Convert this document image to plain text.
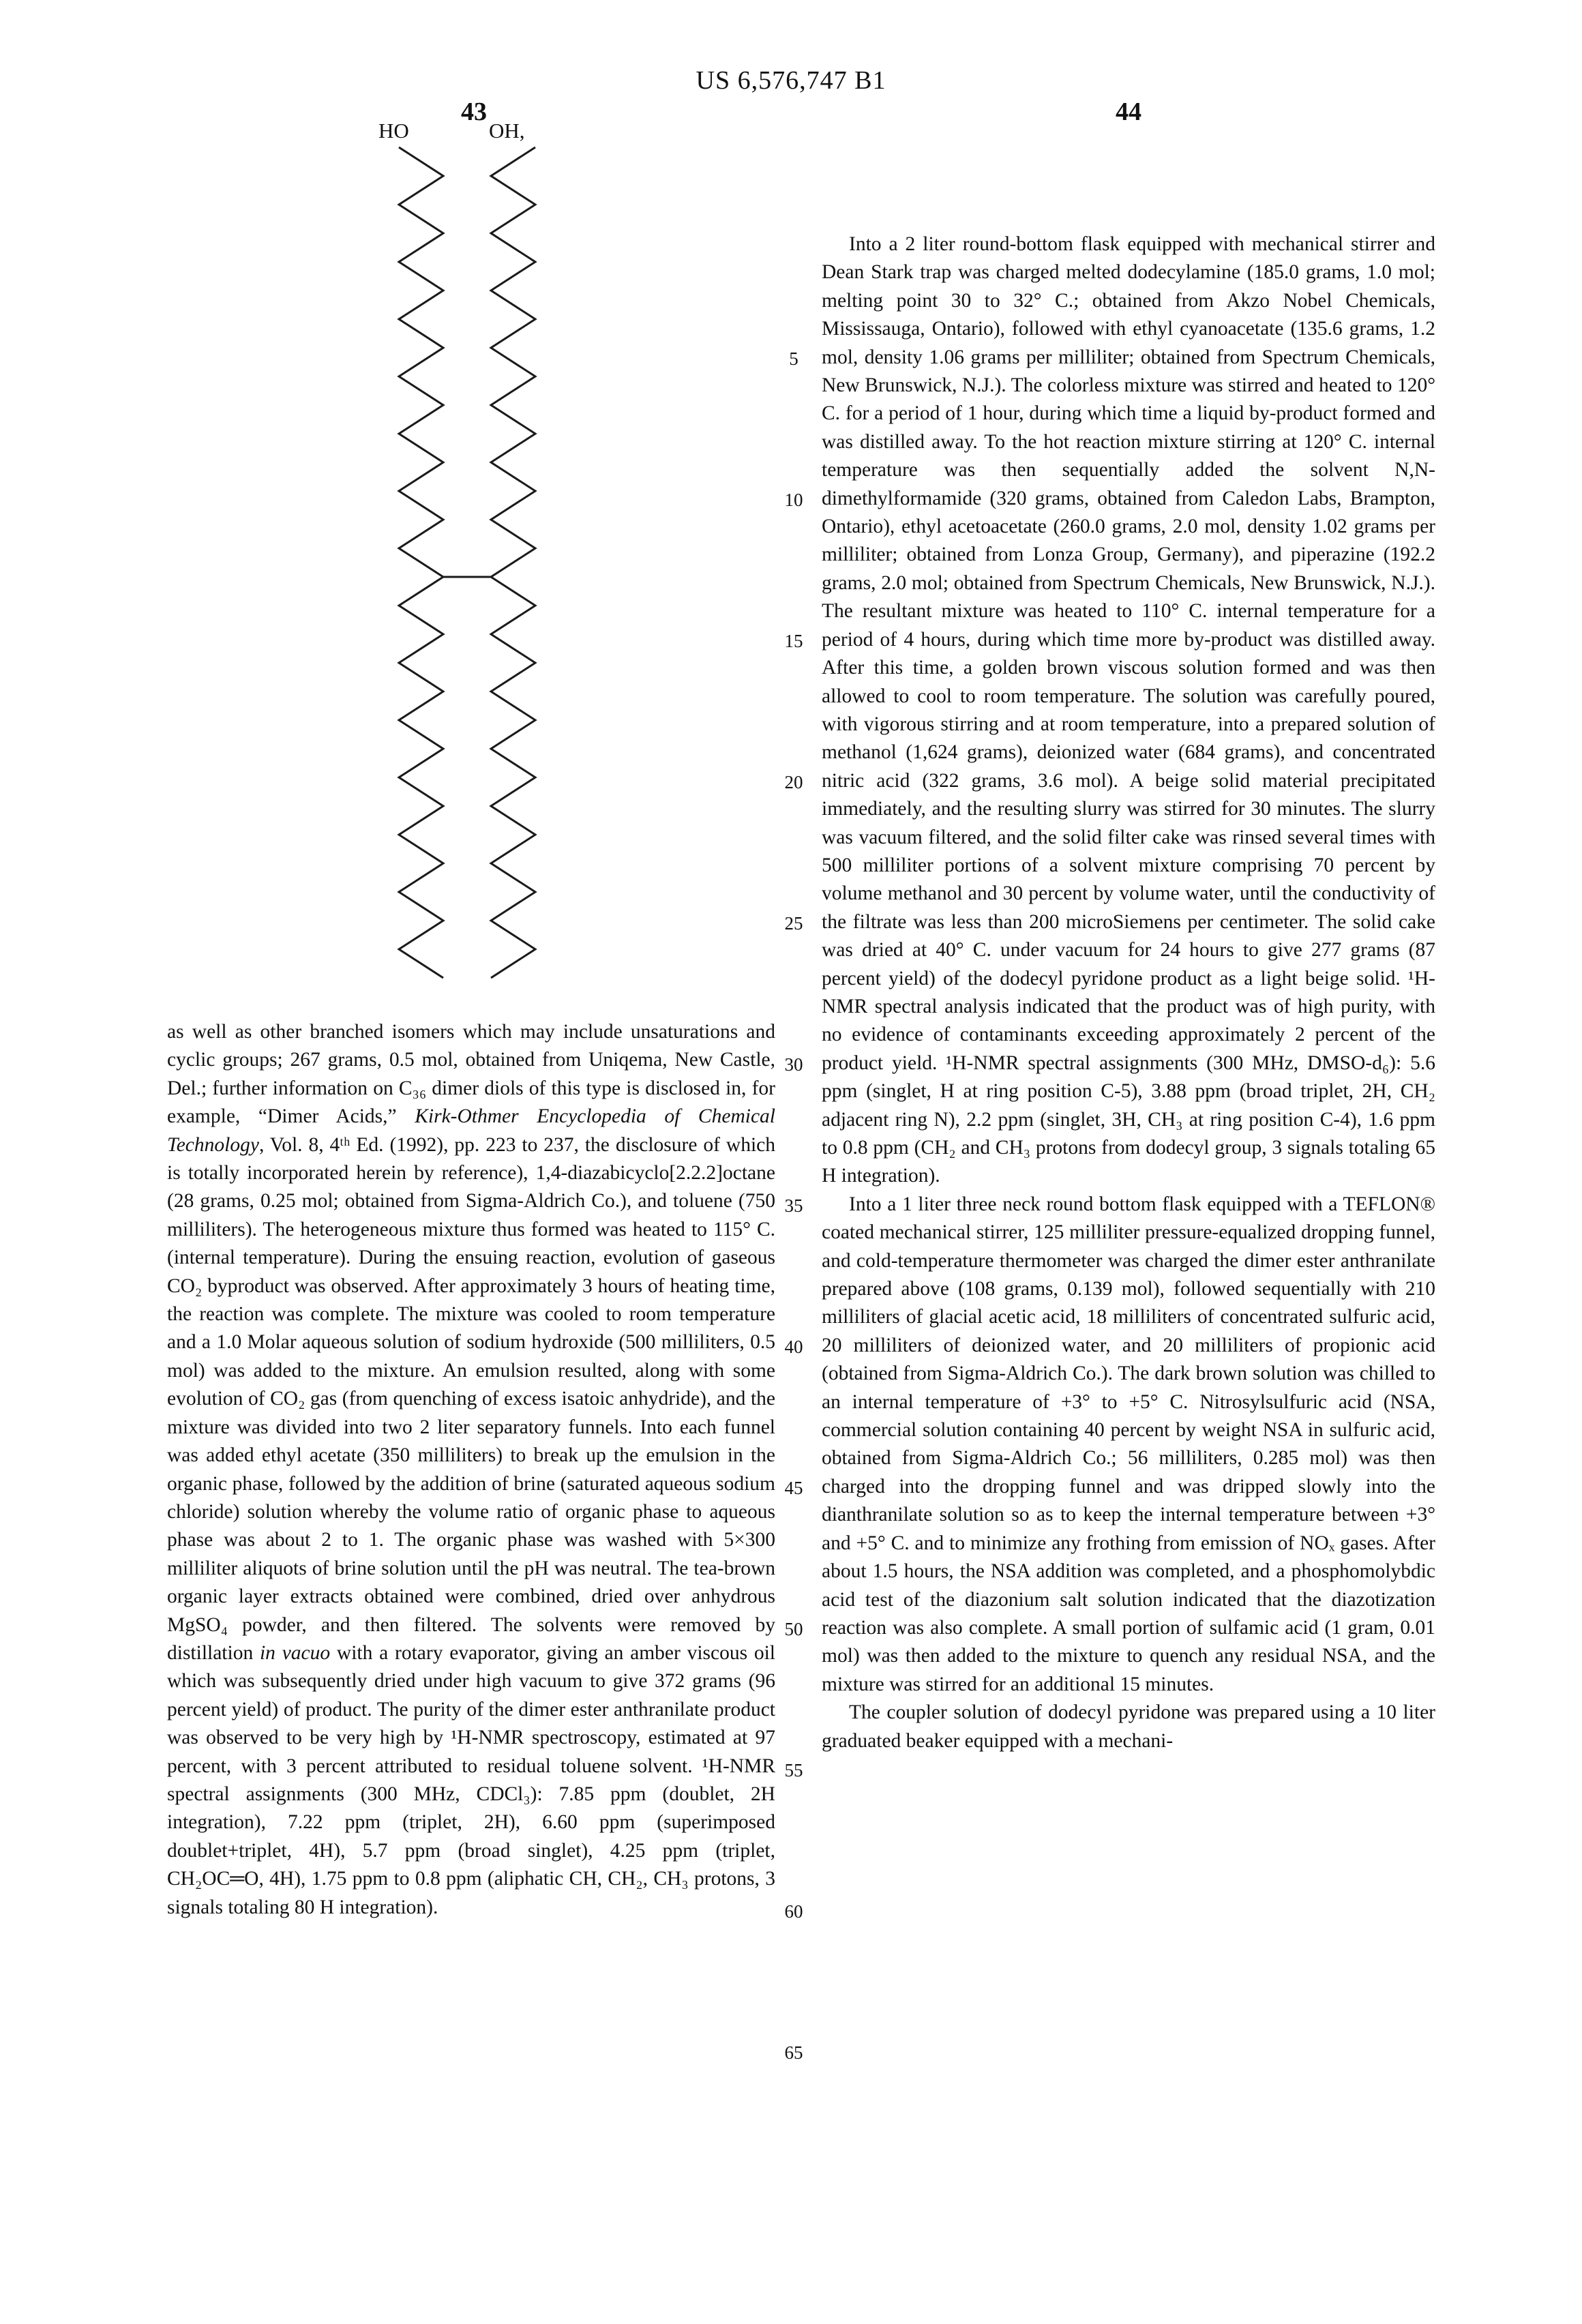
US 6,576,747 B1
43	44
HO	OH,

as well as other branched isomers which may include unsaturations and cyclic groups; 267 grams, 0.5 mol, obtained from Uniqema, New Castle, Del.; further information on C₃₆ dimer diols of this type is disclosed in, for example, “Dimer Acids,” Kirk-Othmer Encyclopedia of Chemical Technology, Vol. 8, 4ᵗʰ Ed. (1992), pp. 223 to 237, the disclosure of which is totally incorporated herein by reference), 1,4-diazabicyclo[2.2.2]octane (28 grams, 0.25 mol; obtained from Sigma-Aldrich Co.), and toluene (750 milliliters). The heterogeneous mixture thus formed was heated to 115° C. (internal temperature). During the ensuing reaction, evolution of gaseous CO₂ byproduct was observed. After approximately 3 hours of heating time, the reaction was complete. The mixture was cooled to room temperature and a 1.0 Molar aqueous solution of sodium hydroxide (500 milliliters, 0.5 mol) was added to the mixture. An emulsion resulted, along with some evolution of CO₂ gas (from quenching of excess isatoic anhydride), and the mixture was divided into two 2 liter separatory funnels. Into each funnel was added ethyl acetate (350 milliliters) to break up the emulsion in the organic phase, followed by the addition of brine (saturated aqueous sodium chloride) solution whereby the volume ratio of organic phase to aqueous phase was about 2 to 1. The organic phase was washed with 5×300 milliliter aliquots of brine solution until the pH was neutral. The tea-brown organic layer extracts obtained were combined, dried over anhydrous MgSO₄ powder, and then filtered. The solvents were removed by distillation in vacuo with a rotary evaporator, giving an amber viscous oil which was subsequently dried under high vacuum to give 372 grams (96 percent yield) of product. The purity of the dimer ester anthranilate product was observed to be very high by ¹H-NMR spectroscopy, estimated at 97 percent, with 3 percent attributed to residual toluene solvent. ¹H-NMR spectral assignments (300 MHz, CDCl₃): 7.85 ppm (doublet, 2H integration), 7.22 ppm (triplet, 2H), 6.60 ppm (superimposed doublet+triplet, 4H), 5.7 ppm (broad singlet), 4.25 ppm (triplet, CH₂OC═O, 4H), 1.75 ppm to 0.8 ppm (aliphatic CH, CH₂, CH₃ protons, 3 signals totaling 80 H integration).

Into a 2 liter round-bottom flask equipped with mechanical stirrer and Dean Stark trap was charged melted dodecylamine (185.0 grams, 1.0 mol; melting point 30 to 32° C.; obtained from Akzo Nobel Chemicals, Mississauga, Ontario), followed with ethyl cyanoacetate (135.6 grams, 1.2 mol, density 1.06 grams per milliliter; obtained from Spectrum Chemicals, New Brunswick, N.J.). The colorless mixture was stirred and heated to 120° C. for a period of 1 hour, during which time a liquid by-product formed and was distilled away. To the hot reaction mixture stirring at 120° C. internal temperature was then sequentially added the solvent N,N-dimethylformamide (320 grams, obtained from Caledon Labs, Brampton, Ontario), ethyl acetoacetate (260.0 grams, 2.0 mol, density 1.02 grams per milliliter; obtained from Lonza Group, Germany), and piperazine (192.2 grams, 2.0 mol; obtained from Spectrum Chemicals, New Brunswick, N.J.). The resultant mixture was heated to 110° C. internal temperature for a period of 4 hours, during which time more by-product was distilled away. After this time, a golden brown viscous solution formed and was then allowed to cool to room temperature. The solution was carefully poured, with vigorous stirring and at room temperature, into a prepared solution of methanol (1,624 grams), deionized water (684 grams), and concentrated nitric acid (322 grams, 3.6 mol). A beige solid material precipitated immediately, and the resulting slurry was stirred for 30 minutes. The slurry was vacuum filtered, and the solid filter cake was rinsed several times with 500 milliliter portions of a solvent mixture comprising 70 percent by volume methanol and 30 percent by volume water, until the conductivity of the filtrate was less than 200 microSiemens per centimeter. The solid cake was dried at 40° C. under vacuum for 24 hours to give 277 grams (87 percent yield) of the dodecyl pyridone product as a light beige solid. ¹H-NMR spectral analysis indicated that the product was of high purity, with no evidence of contaminants exceeding approximately 2 percent of the product yield. ¹H-NMR spectral assignments (300 MHz, DMSO-d₆): 5.6 ppm (singlet, H at ring position C-5), 3.88 ppm (broad triplet, 2H, CH₂ adjacent ring N), 2.2 ppm (singlet, 3H, CH₃ at ring position C-4), 1.6 ppm to 0.8 ppm (CH₂ and CH₃ protons from dodecyl group, 3 signals totaling 65 H integration).

Into a 1 liter three neck round bottom flask equipped with a TEFLON® coated mechanical stirrer, 125 milliliter pressure-equalized dropping funnel, and cold-temperature thermometer was charged the dimer ester anthranilate prepared above (108 grams, 0.139 mol), followed sequentially with 210 milliliters of glacial acetic acid, 18 milliliters of concentrated sulfuric acid, 20 milliliters of deionized water, and 20 milliliters of propionic acid (obtained from Sigma-Aldrich Co.). The dark brown solution was chilled to an internal temperature of +3° to +5° C. Nitrosylsulfuric acid (NSA, commercial solution containing 40 percent by weight NSA in sulfuric acid, obtained from Sigma-Aldrich Co.; 56 milliliters, 0.285 mol) was then charged into the dropping funnel and was dripped slowly into the dianthranilate solution so as to keep the internal temperature between +3° and +5° C. and to minimize any frothing from emission of NOₓ gases. After about 1.5 hours, the NSA addition was completed, and a phosphomolybdic acid test of the diazonium salt solution indicated that the diazotization reaction was also complete. A small portion of sulfamic acid (1 gram, 0.01 mol) was then added to the mixture to quench any residual NSA, and the mixture was stirred for an additional 15 minutes.

The coupler solution of dodecyl pyridone was prepared using a 10 liter graduated beaker equipped with a mechani-

5
10
15
20
25
30
35
40
45
50
55
60
65
